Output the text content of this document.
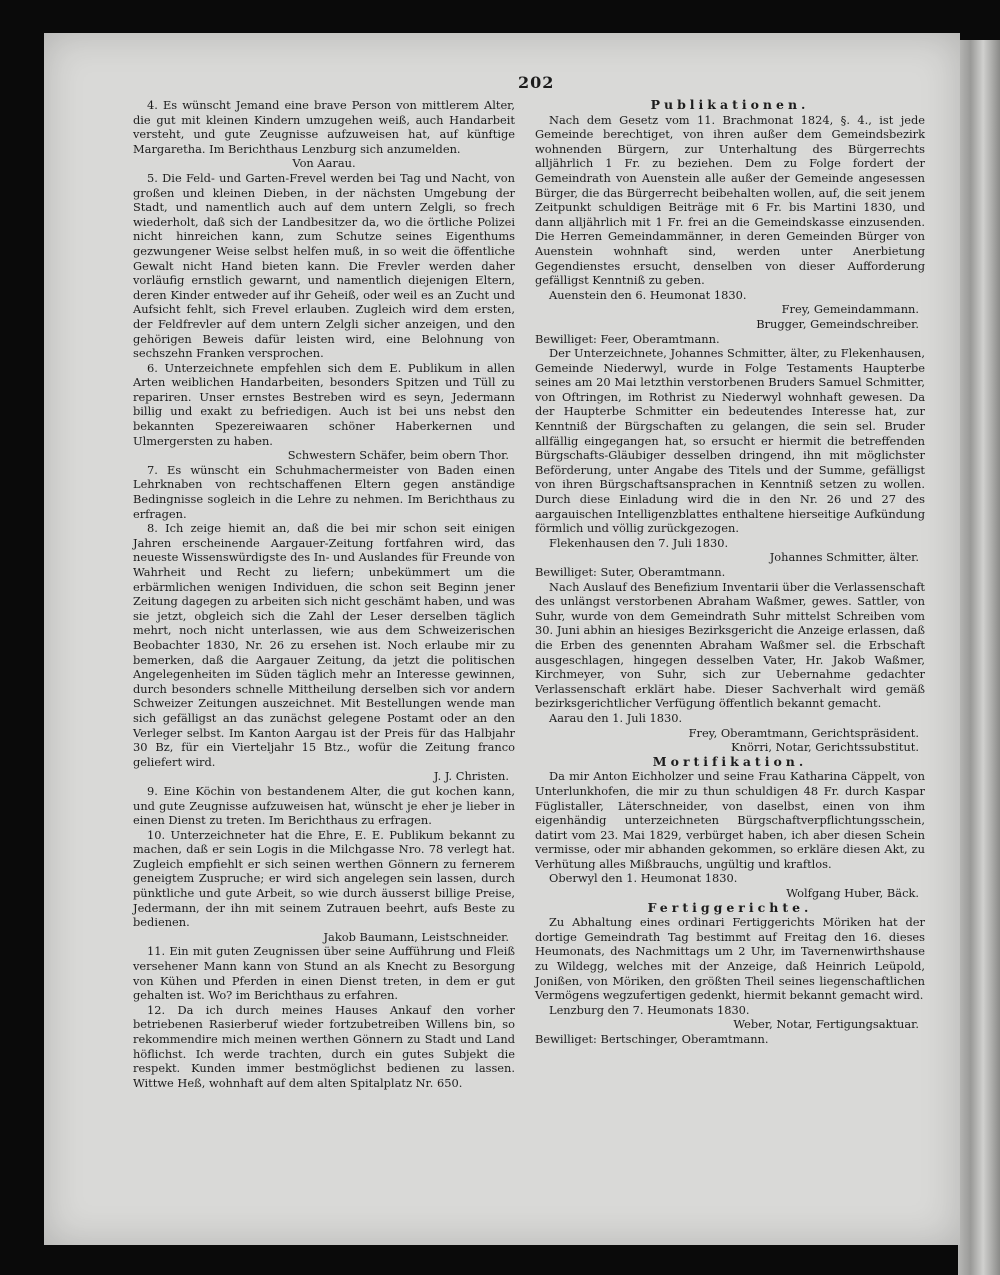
202

4. Es wünscht Jemand eine brave Person von mittlerem Alter, die gut mit kleinen Kindern umzugehen weiß, auch Handarbeit versteht, und gute Zeugnisse aufzuweisen hat, auf künftige Margaretha. Im Berichthaus Lenzburg sich anzumelden.

Von Aarau.

5. Die Feld- und Garten-Frevel werden bei Tag und Nacht, von großen und kleinen Dieben, in der nächsten Umgebung der Stadt, und namentlich auch auf dem untern Zelgli, so frech wiederholt, daß sich der Landbesitzer da, wo die örtliche Polizei nicht hinreichen kann, zum Schutze seines Eigenthums gezwungener Weise selbst helfen muß, in so weit die öffentliche Gewalt nicht Hand bieten kann. Die Frevler werden daher vorläufig ernstlich gewarnt, und namentlich diejenigen Eltern, deren Kinder entweder auf ihr Geheiß, oder weil es an Zucht und Aufsicht fehlt, sich Frevel erlauben. Zugleich wird dem ersten, der Feldfrevler auf dem untern Zelgli sicher anzeigen, und den gehörigen Beweis dafür leisten wird, eine Belohnung von sechszehn Franken versprochen.

6. Unterzeichnete empfehlen sich dem E. Publikum in allen Arten weiblichen Handarbeiten, besonders Spitzen und Tüll zu repariren. Unser ernstes Bestreben wird es seyn, Jedermann billig und exakt zu befriedigen. Auch ist bei uns nebst den bekannten Spezereiwaaren schöner Haberkernen und Ulmergersten zu haben.

Schwestern Schäfer, beim obern Thor.

7. Es wünscht ein Schuhmachermeister von Baden einen Lehrknaben von rechtschaffenen Eltern gegen anständige Bedingnisse sogleich in die Lehre zu nehmen. Im Berichthaus zu erfragen.

8. Ich zeige hiemit an, daß die bei mir schon seit einigen Jahren erscheinende Aargauer-Zeitung fortfahren wird, das neueste Wissenswürdigste des In- und Auslandes für Freunde von Wahrheit und Recht zu liefern; unbekümmert um die erbärmlichen wenigen Individuen, die schon seit Beginn jener Zeitung dagegen zu arbeiten sich nicht geschämt haben, und was sie jetzt, obgleich sich die Zahl der Leser derselben täglich mehrt, noch nicht unterlassen, wie aus dem Schweizerischen Beobachter 1830, Nr. 26 zu ersehen ist. Noch erlaube mir zu bemerken, daß die Aargauer Zeitung, da jetzt die politischen Angelegenheiten im Süden täglich mehr an Interesse gewinnen, durch besonders schnelle Mittheilung derselben sich vor andern Schweizer Zeitungen auszeichnet. Mit Bestellungen wende man sich gefälligst an das zunächst gelegene Postamt oder an den Verleger selbst. Im Kanton Aargau ist der Preis für das Halbjahr 30 Bz, für ein Vierteljahr 15 Btz., wofür die Zeitung franco geliefert wird.

J. J. Christen.

9. Eine Köchin von bestandenem Alter, die gut kochen kann, und gute Zeugnisse aufzuweisen hat, wünscht je eher je lieber in einen Dienst zu treten. Im Berichthaus zu erfragen.

10. Unterzeichneter hat die Ehre, E. E. Publikum bekannt zu machen, daß er sein Logis in die Milchgasse Nro. 78 verlegt hat. Zugleich empfiehlt er sich seinen werthen Gönnern zu fernerem geneigtem Zuspruche; er wird sich angelegen sein lassen, durch pünktliche und gute Arbeit, so wie durch äusserst billige Preise, Jedermann, der ihn mit seinem Zutrauen beehrt, aufs Beste zu bedienen.

Jakob Baumann, Leistschneider.

11. Ein mit guten Zeugnissen über seine Aufführung und Fleiß versehener Mann kann von Stund an als Knecht zu Besorgung von Kühen und Pferden in einen Dienst treten, in dem er gut gehalten ist. Wo? im Berichthaus zu erfahren.

12. Da ich durch meines Hauses Ankauf den vorher betriebenen Rasierberuf wieder fortzubetreiben Willens bin, so rekommendire mich meinen werthen Gönnern zu Stadt und Land höflichst. Ich werde trachten, durch ein gutes Subjekt die respekt. Kunden immer bestmöglichst bedienen zu lassen. Wittwe Heß, wohnhaft auf dem alten Spitalplatz Nr. 650.

Publikationen.

Nach dem Gesetz vom 11. Brachmonat 1824, §. 4., ist jede Gemeinde berechtiget, von ihren außer dem Gemeindsbezirk wohnenden Bürgern, zur Unterhaltung des Bürgerrechts alljährlich 1 Fr. zu beziehen. Dem zu Folge fordert der Gemeindrath von Auenstein alle außer der Gemeinde angesessen Bürger, die das Bürgerrecht beibehalten wollen, auf, die seit jenem Zeitpunkt schuldigen Beiträge mit 6 Fr. bis Martini 1830, und dann alljährlich mit 1 Fr. frei an die Gemeindskasse einzusenden. Die Herren Gemeindammänner, in deren Gemeinden Bürger von Auenstein wohnhaft sind, werden unter Anerbietung Gegendienstes ersucht, denselben von dieser Aufforderung gefälligst Kenntniß zu geben.

Auenstein den 6. Heumonat 1830.

Frey, Gemeindammann.

Brugger, Gemeindschreiber.

Bewilliget: Feer, Oberamtmann.

Der Unterzeichnete, Johannes Schmitter, älter, zu Flekenhausen, Gemeinde Niederwyl, wurde in Folge Testaments Haupterbe seines am 20 Mai letzthin verstorbenen Bruders Samuel Schmitter, von Oftringen, im Rothrist zu Niederwyl wohnhaft gewesen. Da der Haupterbe Schmitter ein bedeutendes Interesse hat, zur Kenntniß der Bürgschaften zu gelangen, die sein sel. Bruder allfällig eingegangen hat, so ersucht er hiermit die betreffenden Bürgschafts-Gläubiger desselben dringend, ihn mit möglichster Beförderung, unter Angabe des Titels und der Summe, gefälligst von ihren Bürgschaftsansprachen in Kenntniß setzen zu wollen. Durch diese Einladung wird die in den Nr. 26 und 27 des aargauischen Intelligenzblattes enthaltene hierseitige Aufkündung förmlich und völlig zurückgezogen.

Flekenhausen den 7. Juli 1830.

Johannes Schmitter, älter.

Bewilliget: Suter, Oberamtmann.

Nach Auslauf des Benefizium Inventarii über die Verlassenschaft des unlängst verstorbenen Abraham Waßmer, gewes. Sattler, von Suhr, wurde von dem Gemeindrath Suhr mittelst Schreiben vom 30. Juni abhin an hiesiges Bezirksgericht die Anzeige erlassen, daß die Erben des genennten Abraham Waßmer sel. die Erbschaft ausgeschlagen, hingegen desselben Vater, Hr. Jakob Waßmer, Kirchmeyer, von Suhr, sich zur Uebernahme gedachter Verlassenschaft erklärt habe. Dieser Sachverhalt wird gemäß bezirksgerichtlicher Verfügung öffentlich bekannt gemacht.

Aarau den 1. Juli 1830.

Frey, Oberamtmann, Gerichtspräsident.

Knörri, Notar, Gerichtssubstitut.

Mortifikation.

Da mir Anton Eichholzer und seine Frau Katharina Cäppelt, von Unterlunkhofen, die mir zu thun schuldigen 48 Fr. durch Kaspar Füglistaller, Läterschneider, von daselbst, einen von ihm eigenhändig unterzeichneten Bürgschaftverpflichtungsschein, datirt vom 23. Mai 1829, verbürget haben, ich aber diesen Schein vermisse, oder mir abhanden gekommen, so erkläre diesen Akt, zu Verhütung alles Mißbrauchs, ungültig und kraftlos.

Oberwyl den 1. Heumonat 1830.

Wolfgang Huber, Bäck.

Fertiggerichte.

Zu Abhaltung eines ordinari Fertiggerichts Möriken hat der dortige Gemeindrath Tag bestimmt auf Freitag den 16. dieses Heumonats, des Nachmittags um 2 Uhr, im Tavernenwirthshause zu Wildegg, welches mit der Anzeige, daß Heinrich Leüpold, Jonißen, von Möriken, den größten Theil seines liegenschaftlichen Vermögens wegzufertigen gedenkt, hiermit bekannt gemacht wird.

Lenzburg den 7. Heumonats 1830.

Weber, Notar, Fertigungsaktuar.

Bewilliget: Bertschinger, Oberamtmann.
